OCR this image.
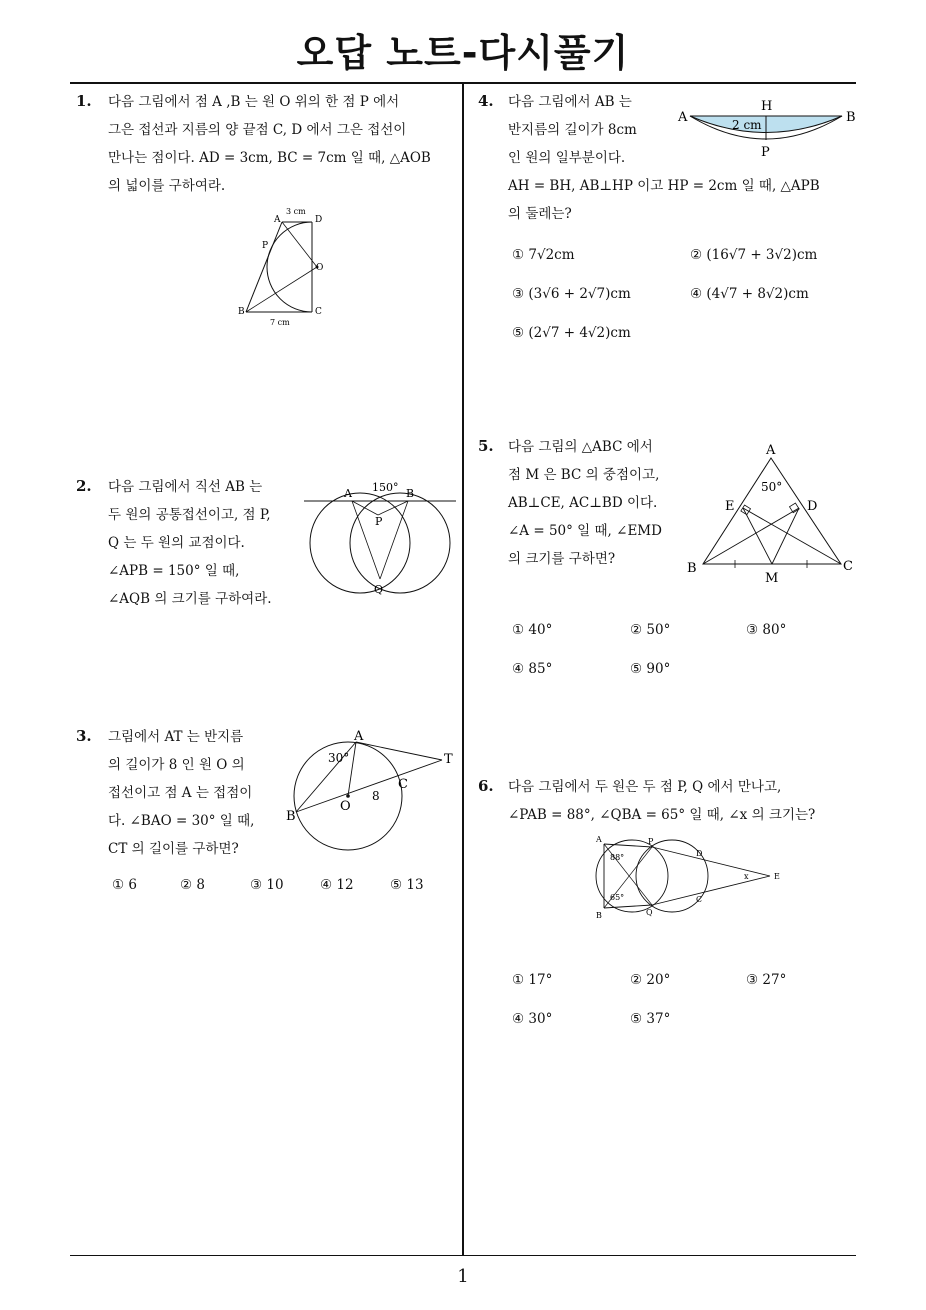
오답 노트-다시풀기
1
1. 다음 그림에서 점 A ,B 는 원 O 위의 한 점 P 에서
그은 접선과 지름의 양 끝점 C, D 에서 그은 접선이
만나는 점이다. AD = 3cm, BC = 7cm 일 때, △AOB
의 넓이를 구하여라.
A	D
B	C
O
P
3 cm
7 cm
2. 다음 그림에서 직선 AB 는
두 원의 공통접선이고, 점 P,
Q 는 두 원의 교점이다.
∠APB = 150° 일 때,
∠AQB 의 크기를 구하여라.
A	B
P
Q
150°
3. 그림에서 AT 는 반지름
의 길이가 8 인 원 O 의
접선이고 점 A 는 접점이
다. ∠BAO = 30° 일 때,
CT 의 길이를 구하면?
A
T
B
O
C
30°
8
① 6	② 8	③ 10	④ 12	⑤ 13
4. 다음 그림에서 AB 는
반지름의 길이가 8cm
인 원의 일부분이다.
AH = BH, AB⊥HP 이고 HP = 2cm 일 때, △APB
의 둘레는?
A	B
H
P
2 cm
① 7√2cm	② (16√7 + 3√2)cm
③ (3√6 + 2√7)cm	④ (4√7 + 8√2)cm
⑤ (2√7 + 4√2)cm
5. 다음 그림의 △ABC 에서
점 M 은 BC 의 중점이고,
AB⊥CE, AC⊥BD 이다.
∠A = 50° 일 때, ∠EMD
의 크기를 구하면?
A
B	C
D
E
M
50°
① 40°	② 50°	③ 80°
④ 85°	⑤ 90°
6. 다음 그림에서 두 원은 두 점 P, Q 에서 만나고,
∠PAB = 88°, ∠QBA = 65° 일 때, ∠x 의 크기는?
A
B
P
Q
D
C
E
x
88°
65°
① 17°	② 20°	③ 27°
④ 30°	⑤ 37°
